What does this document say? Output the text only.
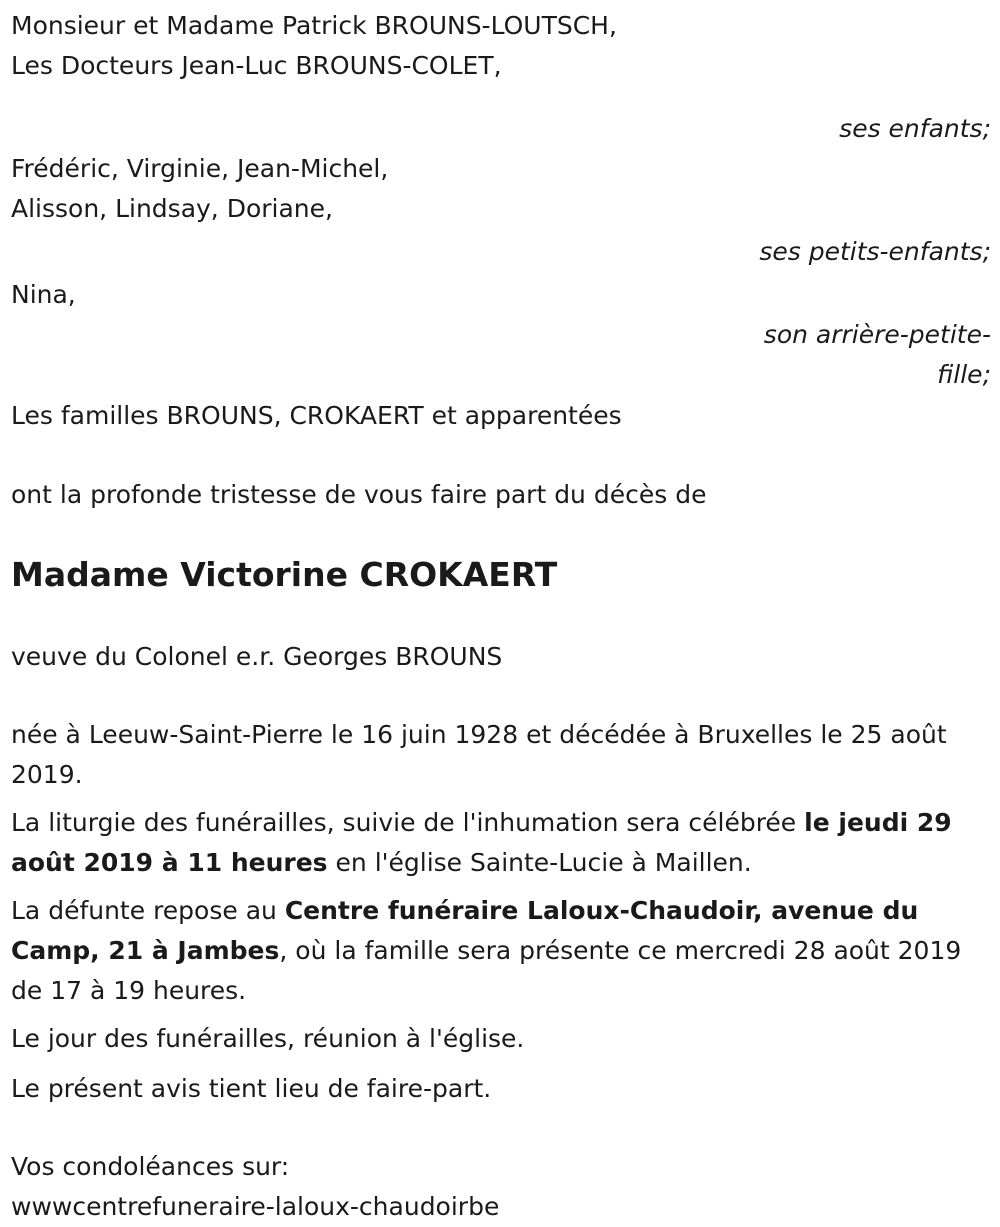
Monsieur et Madame Patrick BROUNS-LOUTSCH,
Les Docteurs Jean-Luc BROUNS-COLET,
ses enfants;
Frédéric, Virginie, Jean-Michel,
Alisson, Lindsay, Doriane,
ses petits-enfants;
Nina,
son arrière-petite-
fille;
Les familles BROUNS, CROKAERT et apparentées
ont la profonde tristesse de vous faire part du décès de
Madame Victorine CROKAERT
veuve du Colonel e.r. Georges BROUNS

née à Leeuw-Saint-Pierre le 16 juin 1928 et décédée à Bruxelles le 25 août 2019.

La liturgie des funérailles, suivie de l'inhumation sera célébrée le jeudi 29 août 2019 à 11 heures en l'église Sainte-Lucie à Maillen.

La défunte repose au Centre funéraire Laloux-Chaudoir, avenue du Camp, 21 à Jambes, où la famille sera présente ce mercredi 28 août 2019 de 17 à 19 heures.

Le jour des funérailles, réunion à l'église.

Le présent avis tient lieu de faire-part.

Vos condoléances sur:
wwwcentrefuneraire-laloux-chaudoirbe
